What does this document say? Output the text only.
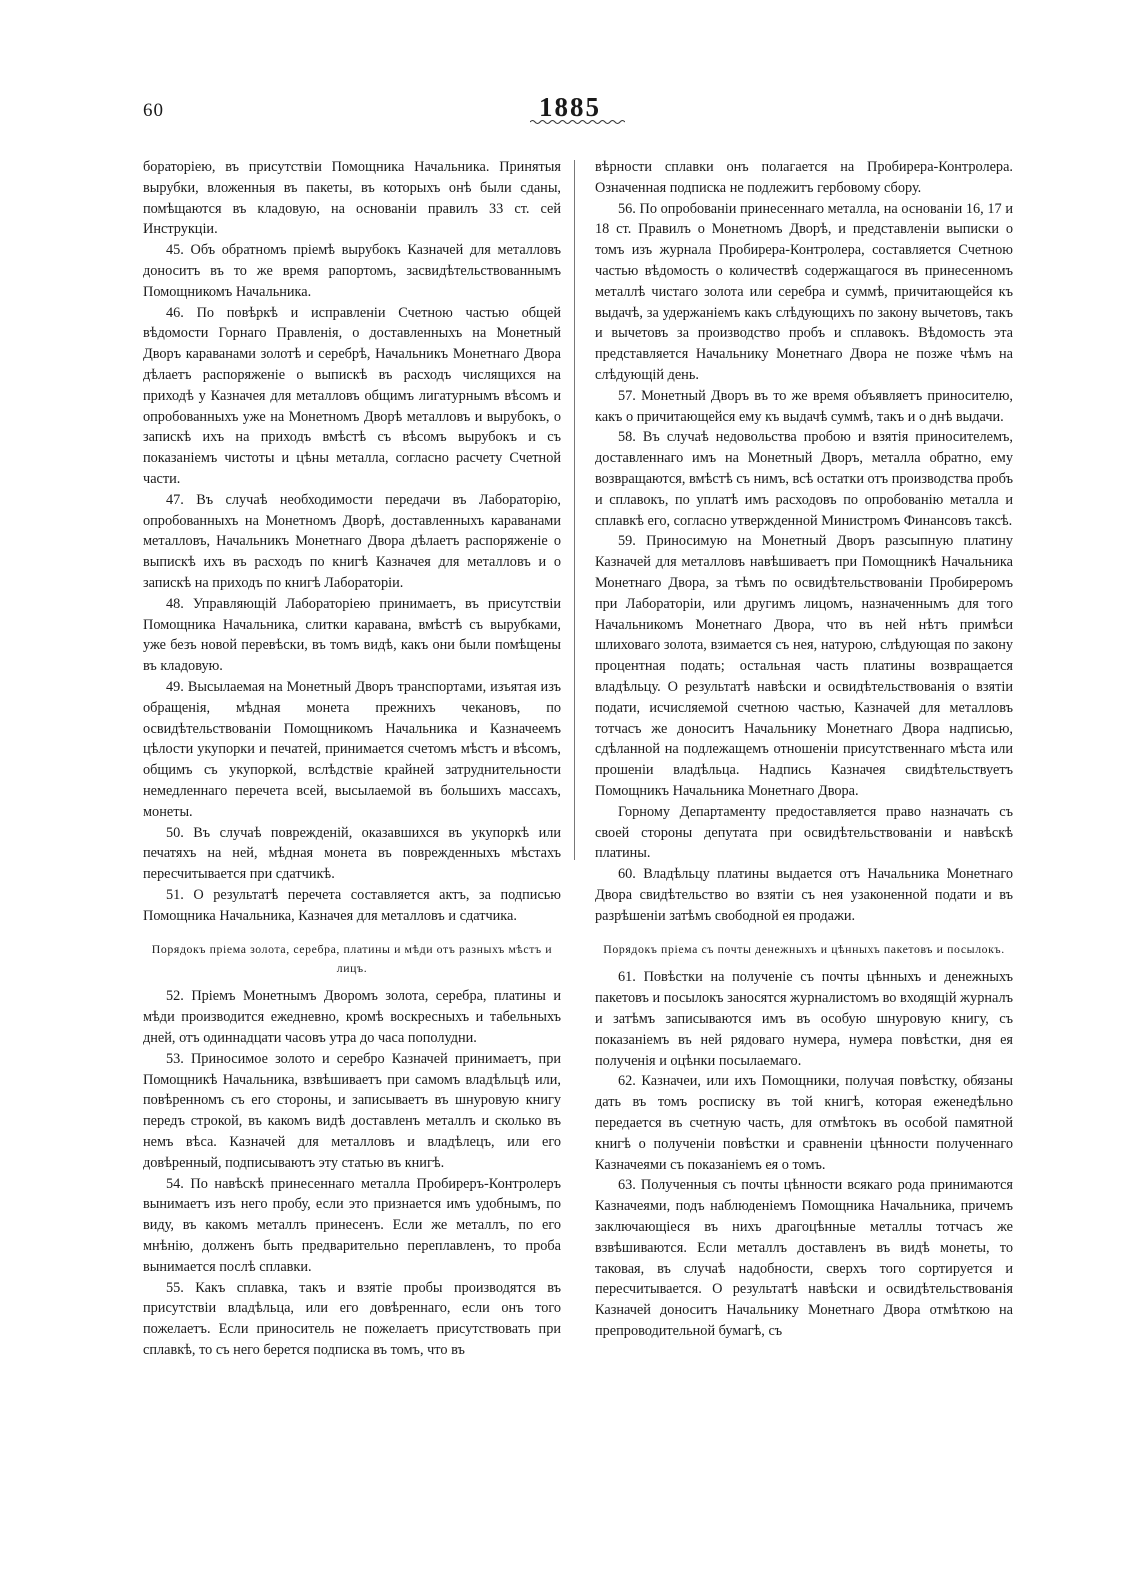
60	1885

бораторiею, въ присутствiи Помощника Начальника. Принятыя вырубки, вложенныя въ пакеты, въ которыхъ онѣ были сданы, помѣщаются въ кладовую, на основанiи правилъ 33 ст. сей Инструкцiи.

45. Объ обратномъ прiемѣ вырубокъ Казначей для металловъ доноситъ въ то же время рапортомъ, засвидѣтельствованнымъ Помощникомъ Начальника.

46. По повѣркѣ и исправленiи Счетною частью общей вѣдомости Горнаго Правленiя, о доставленныхъ на Монетный Дворъ караванами золотѣ и серебрѣ, Начальникъ Монетнаго Двора дѣлаетъ распоряженiе о выпискѣ въ расходъ числящихся на приходѣ у Казначея для металловъ общимъ лигатурнымъ вѣсомъ и опробованныхъ уже на Монетномъ Дворѣ металловъ и вырубокъ, о запискѣ ихъ на приходъ вмѣстѣ съ вѣсомъ вырубокъ и съ показанiемъ чистоты и цѣны металла, согласно расчету Счетной части.

47. Въ случаѣ необходимости передачи въ Лабораторiю, опробованныхъ на Монетномъ Дворѣ, доставленныхъ караванами металловъ, Начальникъ Монетнаго Двора дѣлаетъ распоряженiе о выпискѣ ихъ въ расходъ по книгѣ Казначея для металловъ и о запискѣ на приходъ по книгѣ Лабораторiи.

48. Управляющiй Лабораторiею принимаетъ, въ присутствiи Помощника Начальника, слитки каравана, вмѣстѣ съ вырубками, уже безъ новой перевѣски, въ томъ видѣ, какъ они были помѣщены въ кладовую.

49. Высылаемая на Монетный Дворъ транспортами, изъятая изъ обращенiя, мѣдная монета прежнихъ чекановъ, по освидѣтельствованiи Помощникомъ Начальника и Казначеемъ цѣлости укупорки и печатей, принимается счетомъ мѣстъ и вѣсомъ, общимъ съ укупоркой, вслѣдствiе крайней затруднительности немедленнаго перечета всей, высылаемой въ большихъ массахъ, монеты.

50. Въ случаѣ поврежденiй, оказавшихся въ укупоркѣ или печатяхъ на ней, мѣдная монета въ поврежденныхъ мѣстахъ пересчитывается при сдатчикѣ.

51. О результатѣ перечета составляется актъ, за подписью Помощника Начальника, Казначея для металловъ и сдатчика.

Порядокъ прiема золота, серебра, платины и мѣди отъ разныхъ мѣстъ и лицъ.

52. Прiемъ Монетнымъ Дворомъ золота, серебра, платины и мѣди производится ежедневно, кромѣ воскресныхъ и табельныхъ дней, отъ одиннадцати часовъ утра до часа пополудни.

53. Приносимое золото и серебро Казначей принимаетъ, при Помощникѣ Начальника, взвѣшиваетъ при самомъ владѣльцѣ или, повѣренномъ съ его стороны, и записываетъ въ шнуровую книгу передъ строкой, въ какомъ видѣ доставленъ металлъ и сколько въ немъ вѣса. Казначей для металловъ и владѣлецъ, или его довѣренный, подписываютъ эту статью въ книгѣ.

54. По навѣскѣ принесеннаго металла Пробиреръ-Контролеръ вынимаетъ изъ него пробу, если это признается имъ удобнымъ, по виду, въ какомъ металлъ принесенъ. Если же металлъ, по его мнѣнiю, долженъ быть предварительно переплавленъ, то проба вынимается послѣ сплавки.

55. Какъ сплавка, такъ и взятiе пробы производятся въ присутствiи владѣльца, или его довѣреннаго, если онъ того пожелаетъ. Если приноситель не пожелаетъ присутствовать при сплавкѣ, то съ него берется подписка въ томъ, что въ

вѣрности сплавки онъ полагается на Пробирера-Контролера. Означенная подписка не подлежитъ гербовому сбору.

56. По опробованiи принесеннаго металла, на основанiи 16, 17 и 18 ст. Правилъ о Монетномъ Дворѣ, и представленiи выписки о томъ изъ журнала Пробирера-Контролера, составляется Счетною частью вѣдомость о количествѣ содержащагося въ принесенномъ металлѣ чистаго золота или серебра и суммѣ, причитающейся къ выдачѣ, за удержанiемъ какъ слѣдующихъ по закону вычетовъ, такъ и вычетовъ за производство пробъ и сплавокъ. Вѣдомость эта представляется Начальнику Монетнаго Двора не позже чѣмъ на слѣдующiй день.

57. Монетный Дворъ въ то же время объявляетъ приносителю, какъ о причитающейся ему къ выдачѣ суммѣ, такъ и о днѣ выдачи.

58. Въ случаѣ недовольства пробою и взятiя приносителемъ, доставленнаго имъ на Монетный Дворъ, металла обратно, ему возвращаются, вмѣстѣ съ нимъ, всѣ остатки отъ производства пробъ и сплавокъ, по уплатѣ имъ расходовъ по опробованiю металла и сплавкѣ его, согласно утвержденной Министромъ Финансовъ таксѣ.

59. Приносимую на Монетный Дворъ разсыпную платину Казначей для металловъ навѣшиваетъ при Помощникѣ Начальника Монетнаго Двора, за тѣмъ по освидѣтельствованiи Пробиреромъ при Лабораторiи, или другимъ лицомъ, назначеннымъ для того Начальникомъ Монетнаго Двора, что въ ней нѣтъ примѣси шлиховаго золота, взимается съ нея, натурою, слѣдующая по закону процентная подать; остальная часть платины возвращается владѣльцу. О результатѣ навѣски и освидѣтельствованiя о взятiи подати, исчисляемой счетною частью, Казначей для металловъ тотчасъ же доноситъ Начальнику Монетнаго Двора надписью, сдѣланной на подлежащемъ отношенiи присутственнаго мѣста или прошенiи владѣльца. Надпись Казначея свидѣтельствуетъ Помощникъ Начальника Монетнаго Двора.

Горному Департаменту предоставляется право назначать съ своей стороны депутата при освидѣтельствованiи и навѣскѣ платины.

60. Владѣльцу платины выдается отъ Начальника Монетнаго Двора свидѣтельство во взятiи съ нея узаконенной подати и въ разрѣшенiи затѣмъ свободной ея продажи.

Порядокъ прiема съ почты денежныхъ и цѣнныхъ пакетовъ и посылокъ.

61. Повѣстки на полученiе съ почты цѣнныхъ и денежныхъ пакетовъ и посылокъ заносятся журналистомъ во входящiй журналъ и затѣмъ записываются имъ въ особую шнуровую книгу, съ показанiемъ въ ней рядоваго нумера, нумера повѣстки, дня ея полученiя и оцѣнки посылаемаго.

62. Казначеи, или ихъ Помощники, получая повѣстку, обязаны дать въ томъ росписку въ той книгѣ, которая еженедѣльно передается въ счетную часть, для отмѣтокъ въ особой памятной книгѣ о полученiи повѣстки и сравненiи цѣнности полученнаго Казначеями съ показанiемъ ея о томъ.

63. Полученныя съ почты цѣнности всякаго рода принимаются Казначеями, подъ наблюденiемъ Помощника Начальника, причемъ заключающiеся въ нихъ драгоцѣнные металлы тотчасъ же взвѣшиваются. Если металлъ доставленъ въ видѣ монеты, то таковая, въ случаѣ надобности, сверхъ того сортируется и пересчитывается. О результатѣ навѣски и освидѣтельствованiя Казначей доноситъ Начальнику Монетнаго Двора отмѣткою на препроводительной бумагѣ, съ
